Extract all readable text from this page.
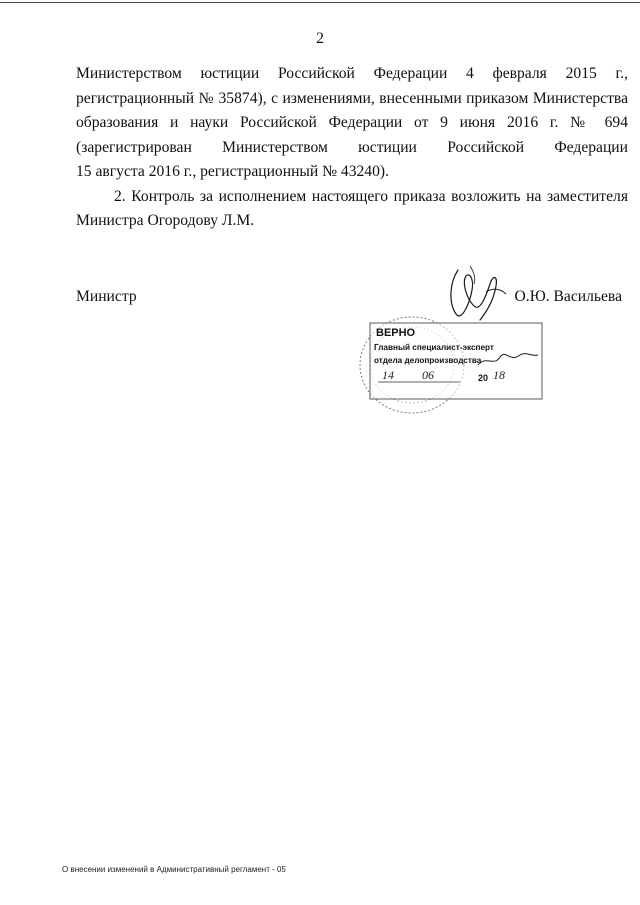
2
Министерством юстиции Российской Федерации 4 февраля 2015 г.,
регистрационный № 35874), с изменениями, внесенными приказом Министерства
образования и науки Российской Федерации от 9 июня 2016 г. № 694
(зарегистрирован Министерством юстиции Российской Федерации
15 августа 2016 г., регистрационный № 43240).
2. Контроль за исполнением настоящего приказа возложить на заместителя
Министра Огородову Л.М.
Министр	О.Ю. Васильева
ВЕРНО
Главный специалист-эксперт
отдела делопроизводства
14 06	20 18
О внесении изменений в Административный регламент - 05
